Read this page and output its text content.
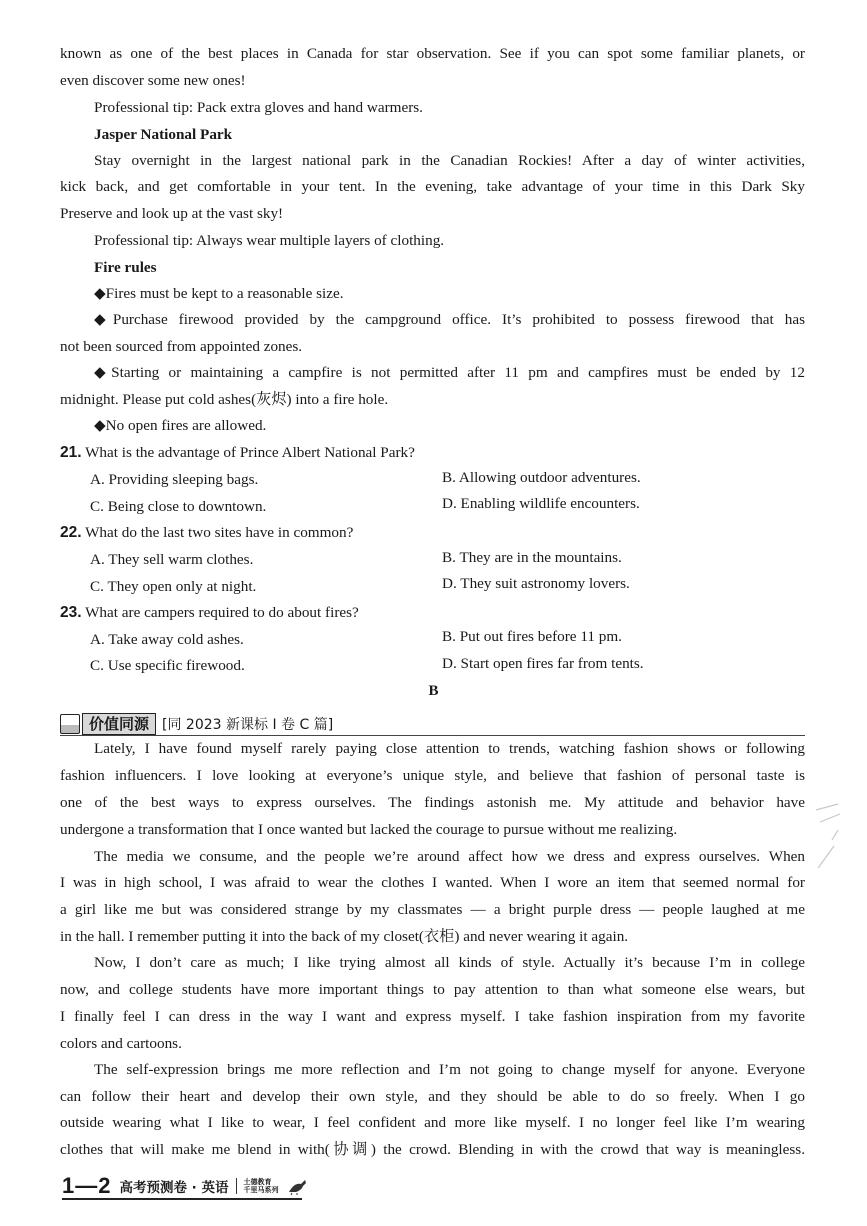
known as one of the best places in Canada for star observation. See if you can spot some familiar planets, or
even discover some new ones!
Professional tip: Pack extra gloves and hand warmers.
Jasper National Park
Stay overnight in the largest national park in the Canadian Rockies! After a day of winter activities,
kick back, and get comfortable in your tent. In the evening, take advantage of your time in this Dark Sky
Preserve and look up at the vast sky!
Professional tip: Always wear multiple layers of clothing.
Fire rules
◆Fires must be kept to a reasonable size.
◆Purchase firewood provided by the campground office. It’s prohibited to possess firewood that has
not been sourced from appointed zones.
◆Starting or maintaining a campfire is not permitted after 11 pm and campfires must be ended by 12
midnight. Please put cold ashes(灰烬) into a fire hole.
◆No open fires are allowed.
21. What is the advantage of Prince Albert National Park?
A. Providing sleeping bags.	B. Allowing outdoor adventures.
C. Being close to downtown.	D. Enabling wildlife encounters.
22. What do the last two sites have in common?
A. They sell warm clothes.	B. They are in the mountains.
C. They open only at night.	D. They suit astronomy lovers.
23. What are campers required to do about fires?
A. Take away cold ashes.	B. Put out fires before 11 pm.
C. Use specific firewood.	D. Start open fires far from tents.
B
价值同源 [同 2023 新课标 I 卷 C 篇]
Lately, I have found myself rarely paying close attention to trends, watching fashion shows or following
fashion influencers. I love looking at everyone’s unique style, and believe that fashion of personal taste is
one of the best ways to express ourselves. The findings astonish me. My attitude and behavior have
undergone a transformation that I once wanted but lacked the courage to pursue without me realizing.
The media we consume, and the people we’re around affect how we dress and express ourselves. When
I was in high school, I was afraid to wear the clothes I wanted. When I wore an item that seemed normal for
a girl like me but was considered strange by my classmates — a bright purple dress — people laughed at me
in the hall. I remember putting it into the back of my closet(衣柜) and never wearing it again.
Now, I don’t care as much; I like trying almost all kinds of style. Actually it’s because I’m in college
now, and college students have more important things to pay attention to than what someone else wears, but
I finally feel I can dress in the way I want and express myself. I take fashion inspiration from my favorite
colors and cartoons.
The self-expression brings me more reflection and I’m not going to change myself for anyone. Everyone
can follow their heart and develop their own style, and they should be able to do so freely. When I go
outside wearing what I like to wear, I feel confident and more like myself. I no longer feel like I’m wearing
clothes that will make me blend in with(协调) the crowd. Blending in with the crowd that way is meaningless.
1—2 高考预测卷 · 英语 土德教育
千里马系列
